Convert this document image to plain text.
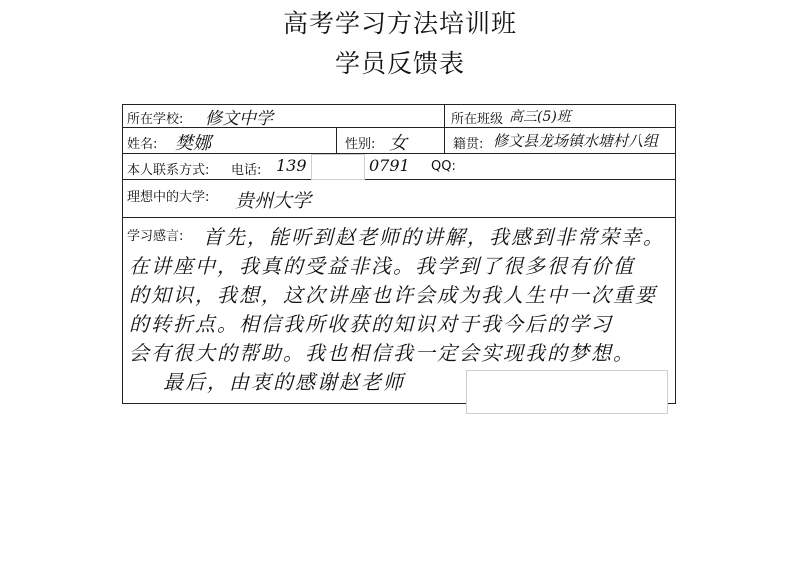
高考学习方法培训班
学员反馈表
所在学校: 修文中学	所在班级 高三(5)班
姓名: 樊娜	性别: 女	籍贯: 修文县龙场镇水塘村八组
本人联系方式: 电话: 139	0791 QQ:
理想中的大学: 贵州大学
学习感言: 首先，能听到赵老师的讲解，我感到非常荣幸。
在讲座中，我真的受益非浅。我学到了很多很有价值
的知识，我想，这次讲座也许会成为我人生中一次重要
的转折点。相信我所收获的知识对于我今后的学习
会有很大的帮助。我也相信我一定会实现我的梦想。
最后，由衷的感谢赵老师
